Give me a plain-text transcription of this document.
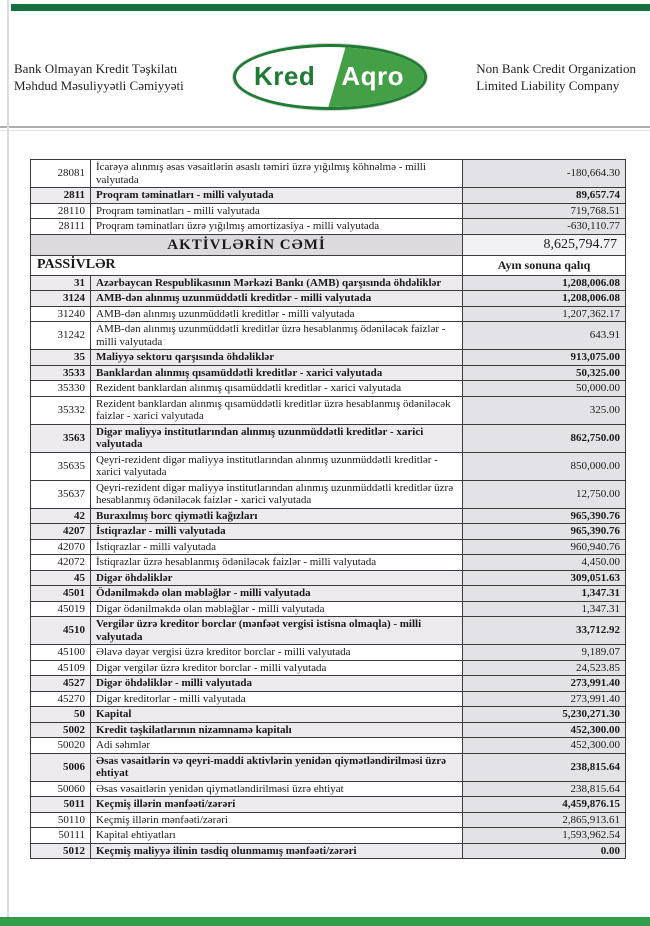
Bank Olmayan Kredit Təşkilatı
Məhdud Məsuliyyətli Cəmiyyəti	Kred Aqro	Non Bank Credit Organization
Limited Liability Company
28081	İcarəyə alınmış əsas vəsaitlərin əsaslı təmiri üzrə yığılmış köhnəlmə - milli valyutada	-180,664.30
2811	Proqram təminatları - milli valyutada	89,657.74
28110	Proqram təminatları - milli valyutada	719,768.51
28111	Proqram təminatları üzrə yığılmış amortizasiya - milli valyutada	-630,110.77
AKTİVLƏRİN CƏMİ		8,625,794.77
PASSİVLƏR		Ayın sonuna qalıq
31	Azərbaycan Respublikasının Mərkəzi Bankı (AMB) qarşısında öhdəliklər	1,208,006.08
3124	AMB-dən alınmış uzunmüddətli kreditlər - milli valyutada	1,208,006.08
31240	AMB-dən alınmış uzunmüddətli kreditlər - milli valyutada	1,207,362.17
31242	AMB-dən alınmış uzunmüddətli kreditlər üzrə hesablanmış ödəniləcək faizlər - milli valyutada	643.91
35	Maliyyə sektoru qarşısında öhdəliklər	913,075.00
3533	Banklardan alınmış qısamüddətli kreditlər - xarici valyutada	50,325.00
35330	Rezident banklardan alınmış qısamüddətli kreditlər - xarici valyutada	50,000.00
35332	Rezident banklardan alınmış qısamüddətli kreditlər üzrə hesablanmış ödəniləcək faizlər - xarici valyutada	325.00
3563	Digər maliyyə institutlarından alınmış uzunmüddətli kreditlər - xarici valyutada	862,750.00
35635	Qeyri-rezident digər maliyyə institutlarından alınmış uzunmüddətli kreditlər - xarici valyutada	850,000.00
35637	Qeyri-rezident digər maliyyə institutlarından alınmış uzunmüddətli kreditlər üzrə hesablanmış ödəniləcək faizlər - xarici valyutada	12,750.00
42	Buraxılmış borc qiymətli kağızları	965,390.76
4207	İstiqrazlar - milli valyutada	965,390.76
42070	İstiqrazlar - milli valyutada	960,940.76
42072	İstiqrazlar üzrə hesablanmış ödəniləcək faizlər - milli valyutada	4,450.00
45	Digər öhdəliklər	309,051.63
4501	Ödənilməkdə olan məbləğlər - milli valyutada	1,347.31
45019	Digər ödənilməkdə olan məbləğlər - milli valyutada	1,347.31
4510	Vergilər üzrə kreditor borclar (mənfəət vergisi istisna olmaqla) - milli valyutada	33,712.92
45100	Əlavə dəyər vergisi üzrə kreditor borclar - milli valyutada	9,189.07
45109	Digər vergilər üzrə kreditor borclar - milli valyutada	24,523.85
4527	Digər öhdəliklər - milli valyutada	273,991.40
45270	Digər kreditorlar - milli valyutada	273,991.40
50	Kapital	5,230,271.30
5002	Kredit təşkilatlarının nizamnamə kapitalı	452,300.00
50020	Adi səhmlər	452,300.00
5006	Əsas vəsaitlərin və qeyri-maddi aktivlərin yenidən qiymətləndirilməsi üzrə ehtiyat	238,815.64
50060	Əsas vəsaitlərin yenidən qiymətləndirilməsi üzrə ehtiyat	238,815.64
5011	Keçmiş illərin mənfəəti/zərəri	4,459,876.15
50110	Keçmiş illərin mənfəəti/zərəri	2,865,913.61
50111	Kapital ehtiyatları	1,593,962.54
5012	Keçmiş maliyyə ilinin təsdiq olunmamış mənfəəti/zərəri	0.00
